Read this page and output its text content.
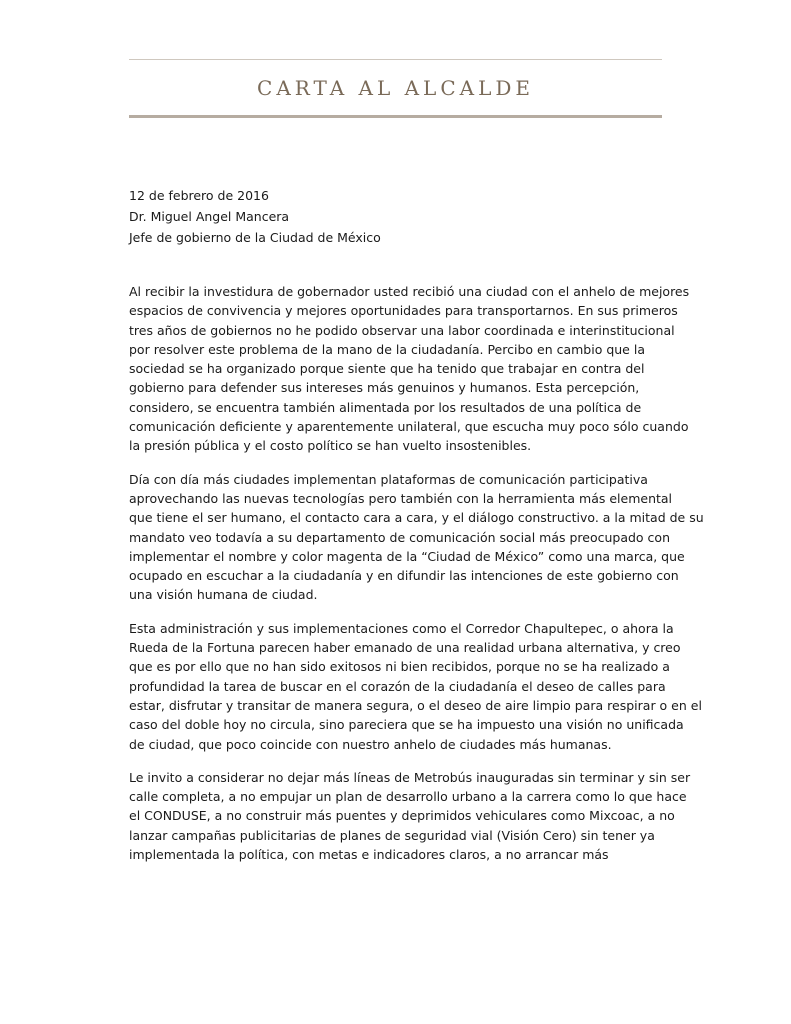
CARTA AL ALCALDE
12 de febrero de 2016
Dr. Miguel Angel Mancera
Jefe de gobierno de la Ciudad de México

Al recibir la investidura de gobernador usted recibió una ciudad con el anhelo de mejores
espacios de convivencia y mejores oportunidades para transportarnos. En sus primeros
tres años de gobiernos no he podido observar una labor coordinada e interinstitucional
por resolver este problema de la mano de la ciudadanía. Percibo en cambio que la
sociedad se ha organizado porque siente que ha tenido que trabajar en contra del
gobierno para defender sus intereses más genuinos y humanos. Esta percepción,
considero, se encuentra también alimentada por los resultados de una política de
comunicación deficiente y aparentemente unilateral, que escucha muy poco sólo cuando
la presión pública y el costo político se han vuelto insostenibles.

Día con día más ciudades implementan plataformas de comunicación participativa
aprovechando las nuevas tecnologías pero también con la herramienta más elemental
que tiene el ser humano, el contacto cara a cara, y el diálogo constructivo. a la mitad de su
mandato veo todavía a su departamento de comunicación social más preocupado con
implementar el nombre y color magenta de la “Ciudad de México” como una marca, que
ocupado en escuchar a la ciudadanía y en difundir las intenciones de este gobierno con
una visión humana de ciudad.

Esta administración y sus implementaciones como el Corredor Chapultepec, o ahora la
Rueda de la Fortuna parecen haber emanado de una realidad urbana alternativa, y creo
que es por ello que no han sido exitosos ni bien recibidos, porque no se ha realizado a
profundidad la tarea de buscar en el corazón de la ciudadanía el deseo de calles para
estar, disfrutar y transitar de manera segura, o el deseo de aire limpio para respirar o en el
caso del doble hoy no circula, sino pareciera que se ha impuesto una visión no unificada
de ciudad, que poco coincide con nuestro anhelo de ciudades más humanas.

Le invito a considerar no dejar más líneas de Metrobús inauguradas sin terminar y sin ser
calle completa, a no empujar un plan de desarrollo urbano a la carrera como lo que hace
el CONDUSE, a no construir más puentes y deprimidos vehiculares como Mixcoac, a no
lanzar campañas publicitarias de planes de seguridad vial (Visión Cero) sin tener ya
implementada la política, con metas e indicadores claros, a no arrancar más
